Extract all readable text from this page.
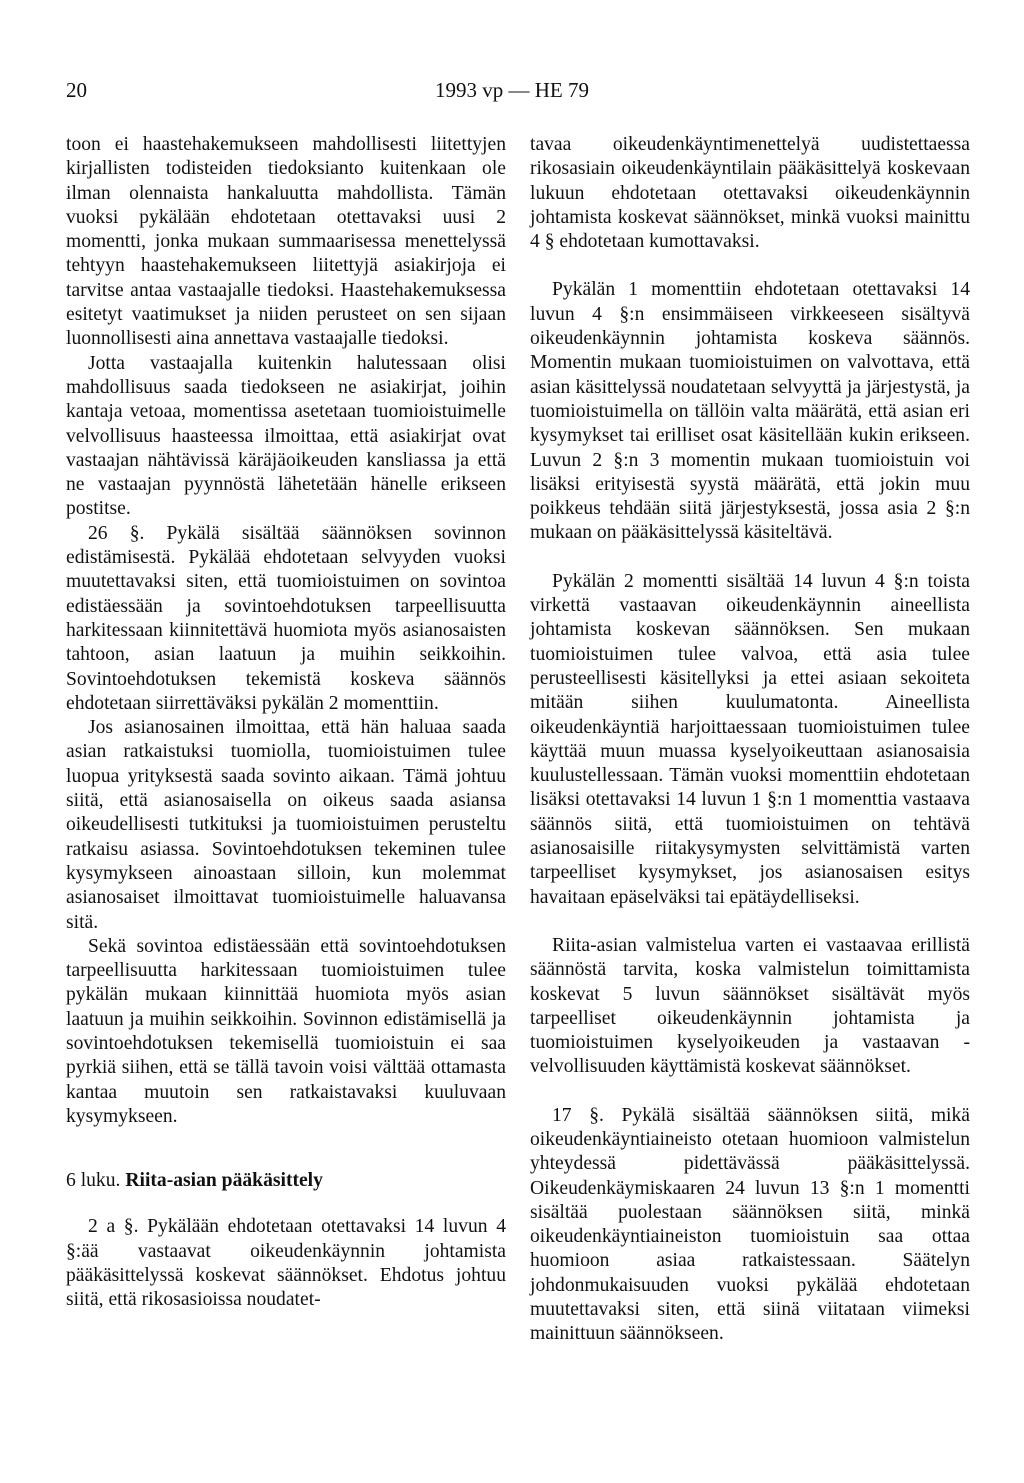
20	1993 vp — HE 79

toon ei haastehakemukseen mahdollisesti liitettyjen kirjallisten todisteiden tiedoksianto kuitenkaan ole ilman olennaista hankaluutta mahdollista. Tämän vuoksi pykälään ehdotetaan otettavaksi uusi 2 momentti, jonka mukaan summaarisessa menettelyssä tehtyyn haastehakemukseen liitettyjä asiakirjoja ei tarvitse antaa vastaajalle tiedoksi. Haastehakemuksessa esitetyt vaatimukset ja niiden perusteet on sen sijaan luonnollisesti aina annettava vastaajalle tiedoksi.

Jotta vastaajalla kuitenkin halutessaan olisi mahdollisuus saada tiedokseen ne asiakirjat, joihin kantaja vetoaa, momentissa asetetaan tuomioistuimelle velvollisuus haasteessa ilmoittaa, että asiakirjat ovat vastaajan nähtävissä käräjäoikeuden kansliassa ja että ne vastaajan pyynnöstä lähetetään hänelle erikseen postitse.

26 §. Pykälä sisältää säännöksen sovinnon edistämisestä. Pykälää ehdotetaan selvyyden vuoksi muutettavaksi siten, että tuomioistuimen on sovintoa edistäessään ja sovintoehdotuksen tarpeellisuutta harkitessaan kiinnitettävä huomiota myös asianosaisten tahtoon, asian laatuun ja muihin seikkoihin. Sovintoehdotuksen tekemistä koskeva säännös ehdotetaan siirrettäväksi pykälän 2 momenttiin.

Jos asianosainen ilmoittaa, että hän haluaa saada asian ratkaistuksi tuomiolla, tuomioistuimen tulee luopua yrityksestä saada sovinto aikaan. Tämä johtuu siitä, että asianosaisella on oikeus saada asiansa oikeudellisesti tutkituksi ja tuomioistuimen perusteltu ratkaisu asiassa. Sovintoehdotuksen tekeminen tulee kysymykseen ainoastaan silloin, kun molemmat asianosaiset ilmoittavat tuomioistuimelle haluavansa sitä.

Sekä sovintoa edistäessään että sovintoehdotuksen tarpeellisuutta harkitessaan tuomioistuimen tulee pykälän mukaan kiinnittää huomiota myös asian laatuun ja muihin seikkoihin. Sovinnon edistämisellä ja sovintoehdotuksen tekemisellä tuomioistuin ei saa pyrkiä siihen, että se tällä tavoin voisi välttää ottamasta kantaa muutoin sen ratkaistavaksi kuuluvaan kysymykseen.

6 luku. Riita-asian pääkäsittely

2 a §. Pykälään ehdotetaan otettavaksi 14 luvun 4 §:ää vastaavat oikeudenkäynnin johtamista pääkäsittelyssä koskevat säännökset. Ehdotus johtuu siitä, että rikosasioissa noudatet-

tavaa oikeudenkäyntimenettelyä uudistettaessa rikosasiain oikeudenkäyntilain pääkäsittelyä koskevaan lukuun ehdotetaan otettavaksi oikeudenkäynnin johtamista koskevat säännökset, minkä vuoksi mainittu 4 § ehdotetaan kumottavaksi.

Pykälän 1 momenttiin ehdotetaan otettavaksi 14 luvun 4 §:n ensimmäiseen virkkeeseen sisältyvä oikeudenkäynnin johtamista koskeva säännös. Momentin mukaan tuomioistuimen on valvottava, että asian käsittelyssä noudatetaan selvyyttä ja järjestystä, ja tuomioistuimella on tällöin valta määrätä, että asian eri kysymykset tai erilliset osat käsitellään kukin erikseen. Luvun 2 §:n 3 momentin mukaan tuomioistuin voi lisäksi erityisestä syystä määrätä, että jokin muu poikkeus tehdään siitä järjestyksestä, jossa asia 2 §:n mukaan on pääkäsittelyssä käsiteltävä.

Pykälän 2 momentti sisältää 14 luvun 4 §:n toista virkettä vastaavan oikeudenkäynnin aineellista johtamista koskevan säännöksen. Sen mukaan tuomioistuimen tulee valvoa, että asia tulee perusteellisesti käsitellyksi ja ettei asiaan sekoiteta mitään siihen kuulumatonta. Aineellista oikeudenkäyntiä harjoittaessaan tuomioistuimen tulee käyttää muun muassa kyselyoikeuttaan asianosaisia kuulustellessaan. Tämän vuoksi momenttiin ehdotetaan lisäksi otettavaksi 14 luvun 1 §:n 1 momenttia vastaava säännös siitä, että tuomioistuimen on tehtävä asianosaisille riitakysymysten selvittämistä varten tarpeelliset kysymykset, jos asianosaisen esitys havaitaan epäselväksi tai epätäydelliseksi.

Riita-asian valmistelua varten ei vastaavaa erillistä säännöstä tarvita, koska valmistelun toimittamista koskevat 5 luvun säännökset sisältävät myös tarpeelliset oikeudenkäynnin johtamista ja tuomioistuimen kyselyoikeuden ja vastaavan -velvollisuuden käyttämistä koskevat säännökset.

17 §. Pykälä sisältää säännöksen siitä, mikä oikeudenkäyntiaineisto otetaan huomioon valmistelun yhteydessä pidettävässä pääkäsittelyssä. Oikeudenkäymiskaaren 24 luvun 13 §:n 1 momentti sisältää puolestaan säännöksen siitä, minkä oikeudenkäyntiaineiston tuomioistuin saa ottaa huomioon asiaa ratkaistessaan. Säätelyn johdonmukaisuuden vuoksi pykälää ehdotetaan muutettavaksi siten, että siinä viitataan viimeksi mainittuun säännökseen.
